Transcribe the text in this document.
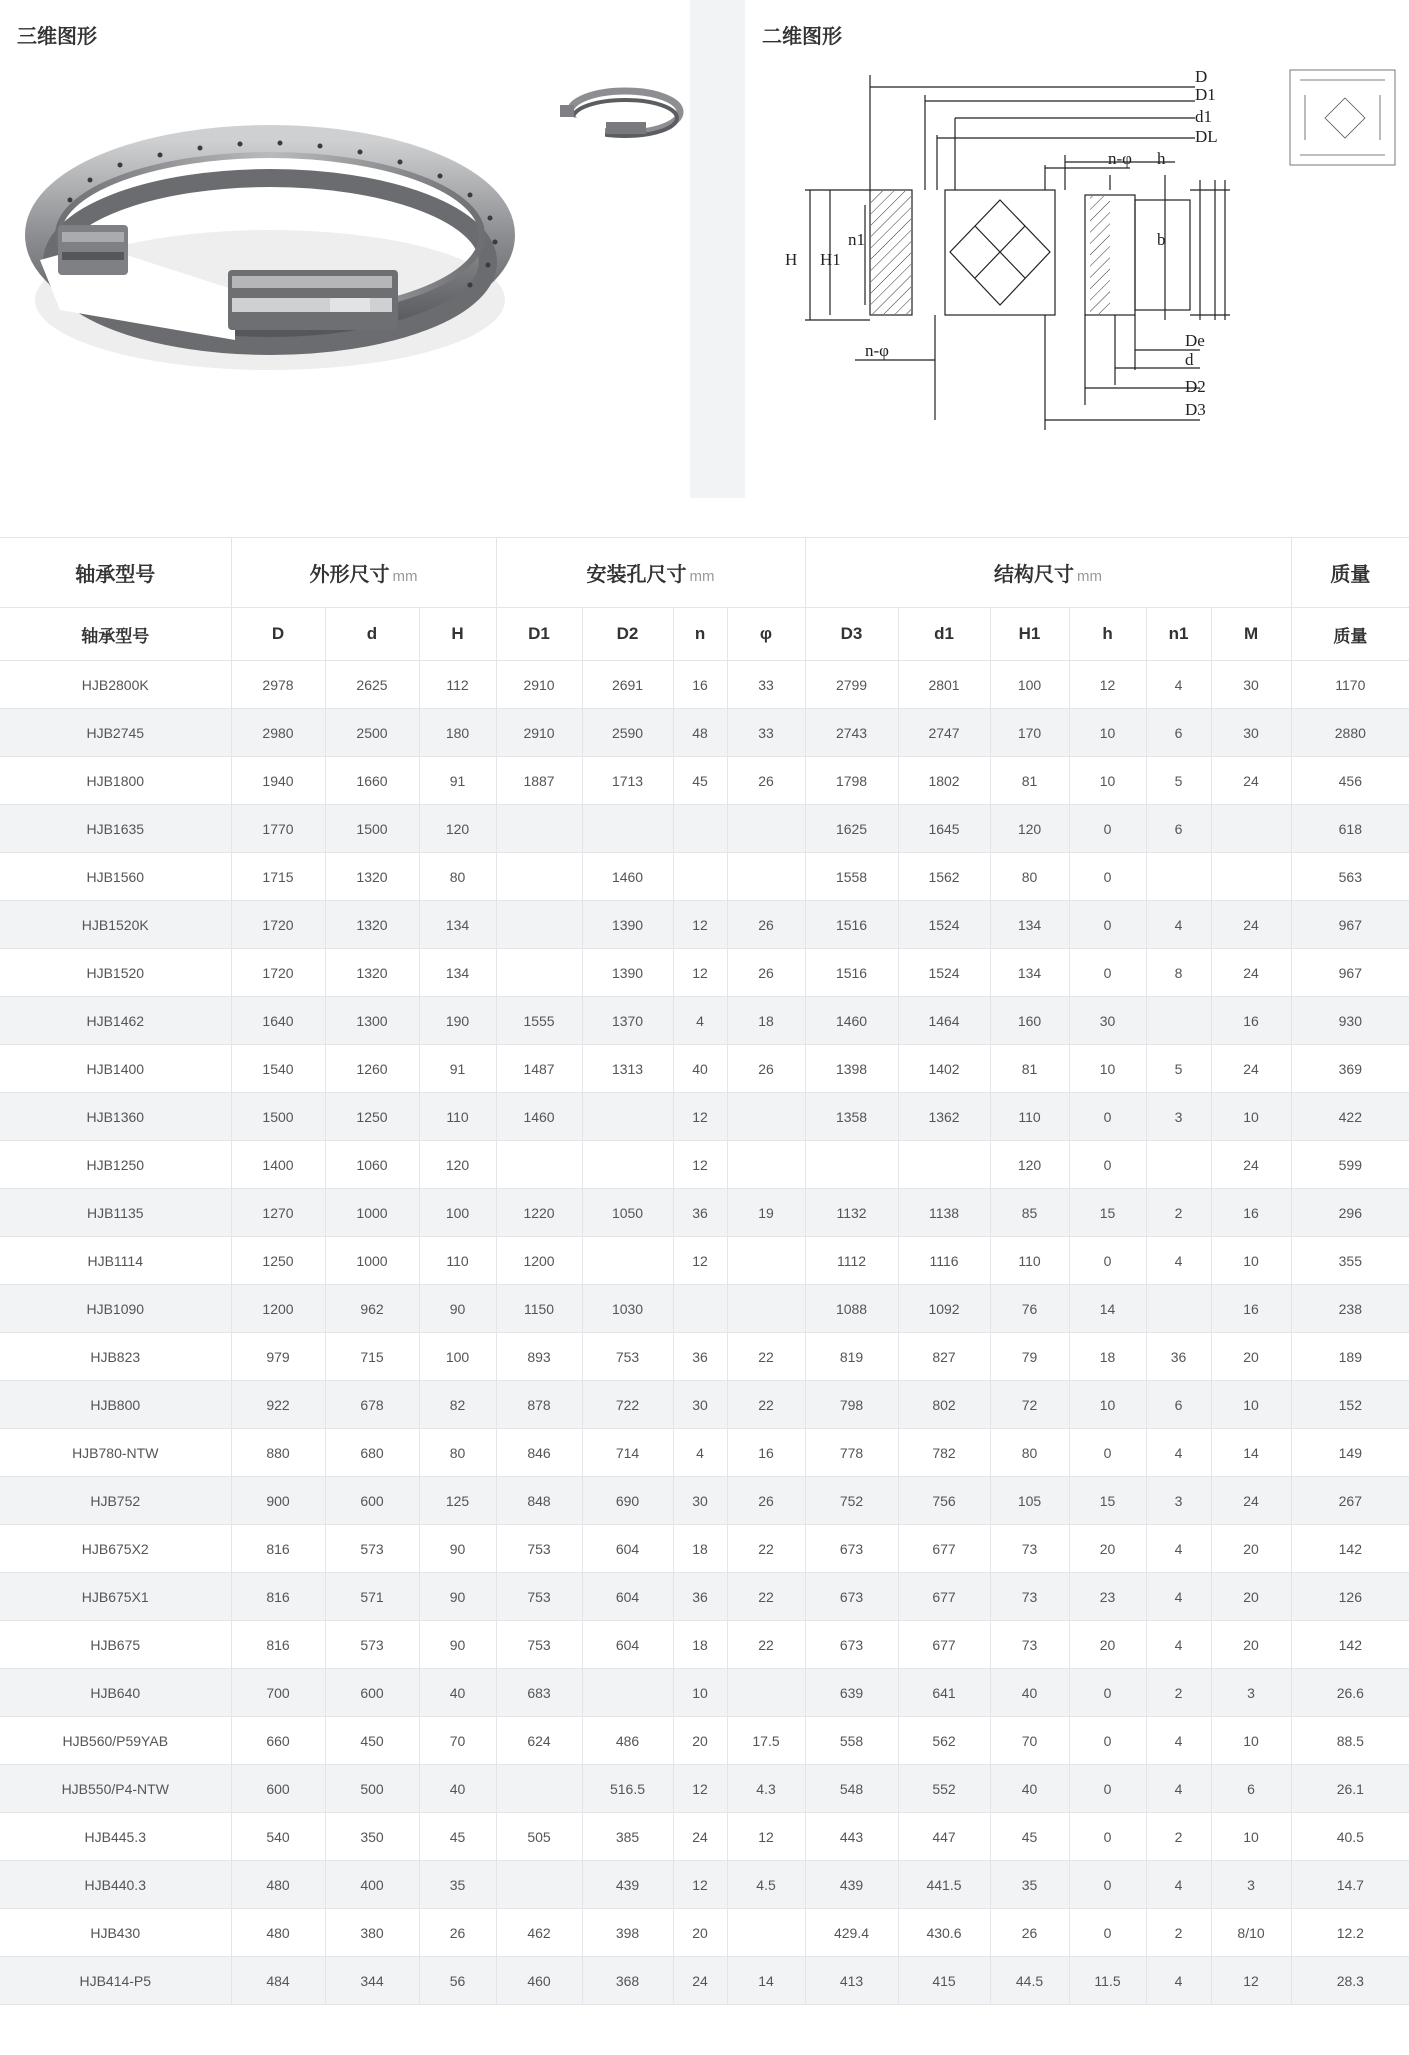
三维图形	二维图形
D
D1
d1
DL
n-φ h
H H1
n1	b
De
d
D2
D3
n-φ
轴承型号	外形尺寸 mm			安装孔尺寸 mm				结构尺寸 mm						质量
轴承型号	D	d	H	D1	D2	n	φ	D3	d1	H1	h	n1	M	质量
HJB2800K	2978	2625	112	2910	2691	16	33	2799	2801	100	12	4	30	1170
HJB2745	2980	2500	180	2910	2590	48	33	2743	2747	170	10	6	30	2880
HJB1800	1940	1660	91	1887	1713	45	26	1798	1802	81	10	5	24	456
HJB1635	1770	1500	120					1625	1645	120	0	6		618
HJB1560	1715	1320	80		1460			1558	1562	80	0			563
HJB1520K	1720	1320	134		1390	12	26	1516	1524	134	0	4	24	967
HJB1520	1720	1320	134		1390	12	26	1516	1524	134	0	8	24	967
HJB1462	1640	1300	190	1555	1370	4	18	1460	1464	160	30		16	930
HJB1400	1540	1260	91	1487	1313	40	26	1398	1402	81	10	5	24	369
HJB1360	1500	1250	110	1460		12		1358	1362	110	0	3	10	422
HJB1250	1400	1060	120			12				120	0		24	599
HJB1135	1270	1000	100	1220	1050	36	19	1132	1138	85	15	2	16	296
HJB1114	1250	1000	110	1200		12		1112	1116	110	0	4	10	355
HJB1090	1200	962	90	1150	1030			1088	1092	76	14		16	238
HJB823	979	715	100	893	753	36	22	819	827	79	18	36	20	189
HJB800	922	678	82	878	722	30	22	798	802	72	10	6	10	152
HJB780-NTW	880	680	80	846	714	4	16	778	782	80	0	4	14	149
HJB752	900	600	125	848	690	30	26	752	756	105	15	3	24	267
HJB675X2	816	573	90	753	604	18	22	673	677	73	20	4	20	142
HJB675X1	816	571	90	753	604	36	22	673	677	73	23	4	20	126
HJB675	816	573	90	753	604	18	22	673	677	73	20	4	20	142
HJB640	700	600	40	683		10		639	641	40	0	2	3	26.6
HJB560/P59YAB	660	450	70	624	486	20	17.5	558	562	70	0	4	10	88.5
HJB550/P4-NTW	600	500	40		516.5	12	4.3	548	552	40	0	4	6	26.1
HJB445.3	540	350	45	505	385	24	12	443	447	45	0	2	10	40.5
HJB440.3	480	400	35		439	12	4.5	439	441.5	35	0	4	3	14.7
HJB430	480	380	26	462	398	20		429.4	430.6	26	0	2	8/10	12.2
HJB414-P5	484	344	56	460	368	24	14	413	415	44.5	11.5	4	12	28.3
